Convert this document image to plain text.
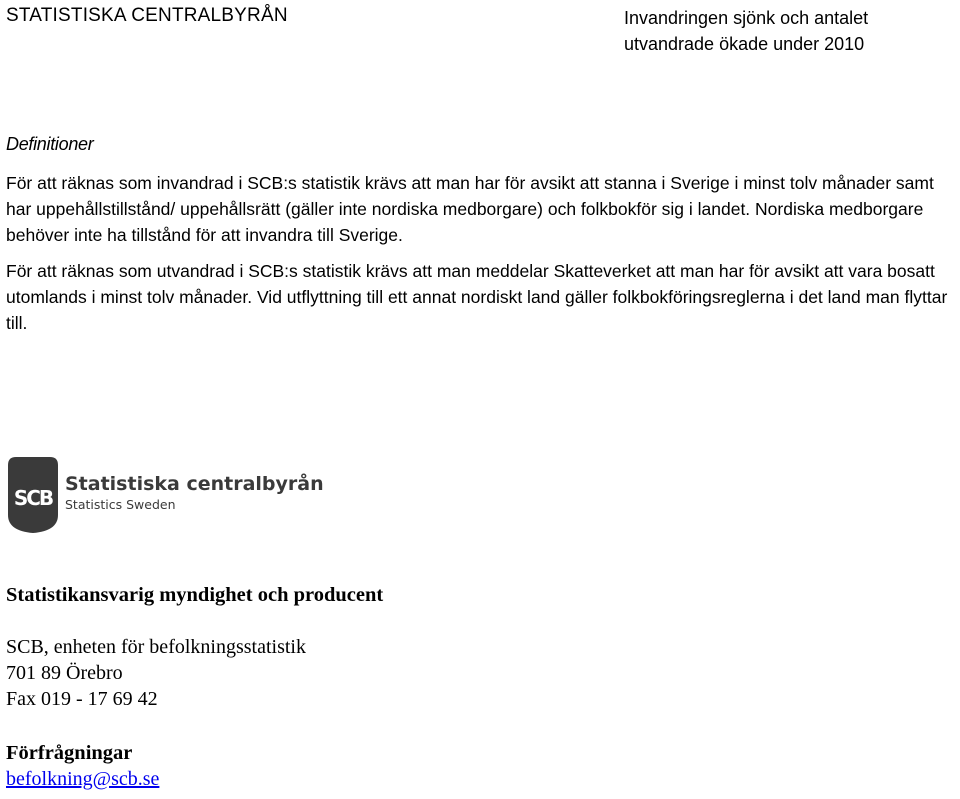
STATISTISKA CENTRALBYRÅN	Invandringen sjönk och antalet
utvandrade ökade under 2010
Definitioner

För att räknas som invandrad i SCB:s statistik krävs att man har för avsikt att stanna i Sverige i minst tolv månader samt har uppehållstillstånd/ uppehållsrätt (gäller inte nordiska medborgare) och folkbokför sig i landet. Nordiska medborgare behöver inte ha tillstånd för att invandra till Sverige.

För att räknas som utvandrad i SCB:s statistik krävs att man meddelar Skatteverket att man har för avsikt att vara bosatt utomlands i minst tolv månader. Vid utflyttning till ett annat nordiskt land gäller folkbokföringsreglerna i det land man flyttar till.

SCB
Statistiska centralbyrån
Statistics Sweden
Statistikansvarig myndighet och producent
SCB, enheten för befolkningsstatistik
701 89 Örebro
Fax 019 - 17 69 42
Förfrågningar
befolkning@scb.se
